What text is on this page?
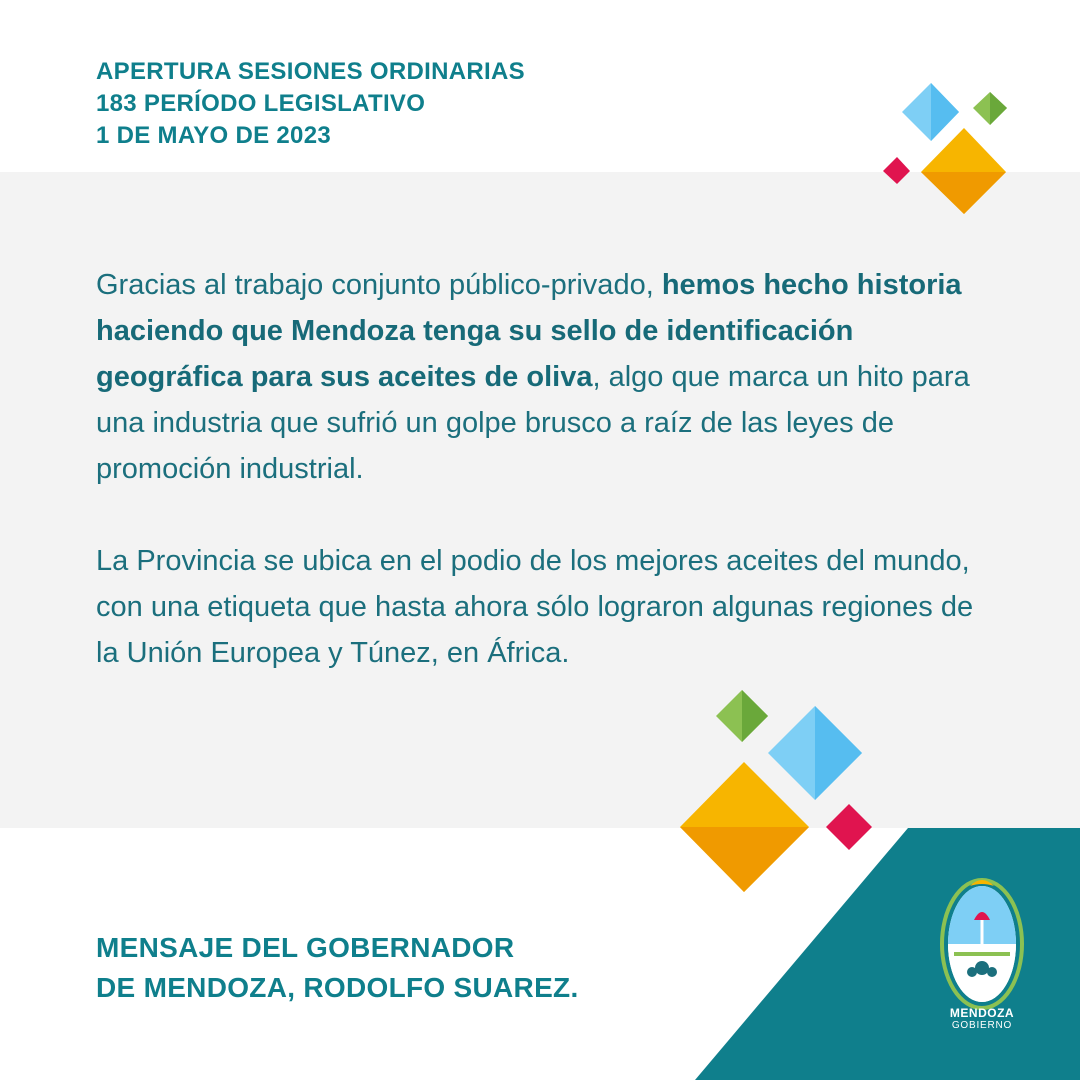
APERTURA SESIONES ORDINARIAS
183 PERÍODO LEGISLATIVO
1 DE MAYO DE 2023

Gracias al trabajo conjunto público-privado, hemos hecho historia haciendo que Mendoza tenga su sello de identificación geográfica para sus aceites de oliva, algo que marca un hito para una industria que sufrió un golpe brusco a raíz de las leyes de promoción industrial.

La Provincia se ubica en el podio de los mejores aceites del mundo, con una etiqueta que hasta ahora sólo lograron algunas regiones de la Unión Europea y Túnez, en África.

MENSAJE DEL GOBERNADOR
DE MENDOZA, RODOLFO SUAREZ.
MENDOZA
GOBIERNO
